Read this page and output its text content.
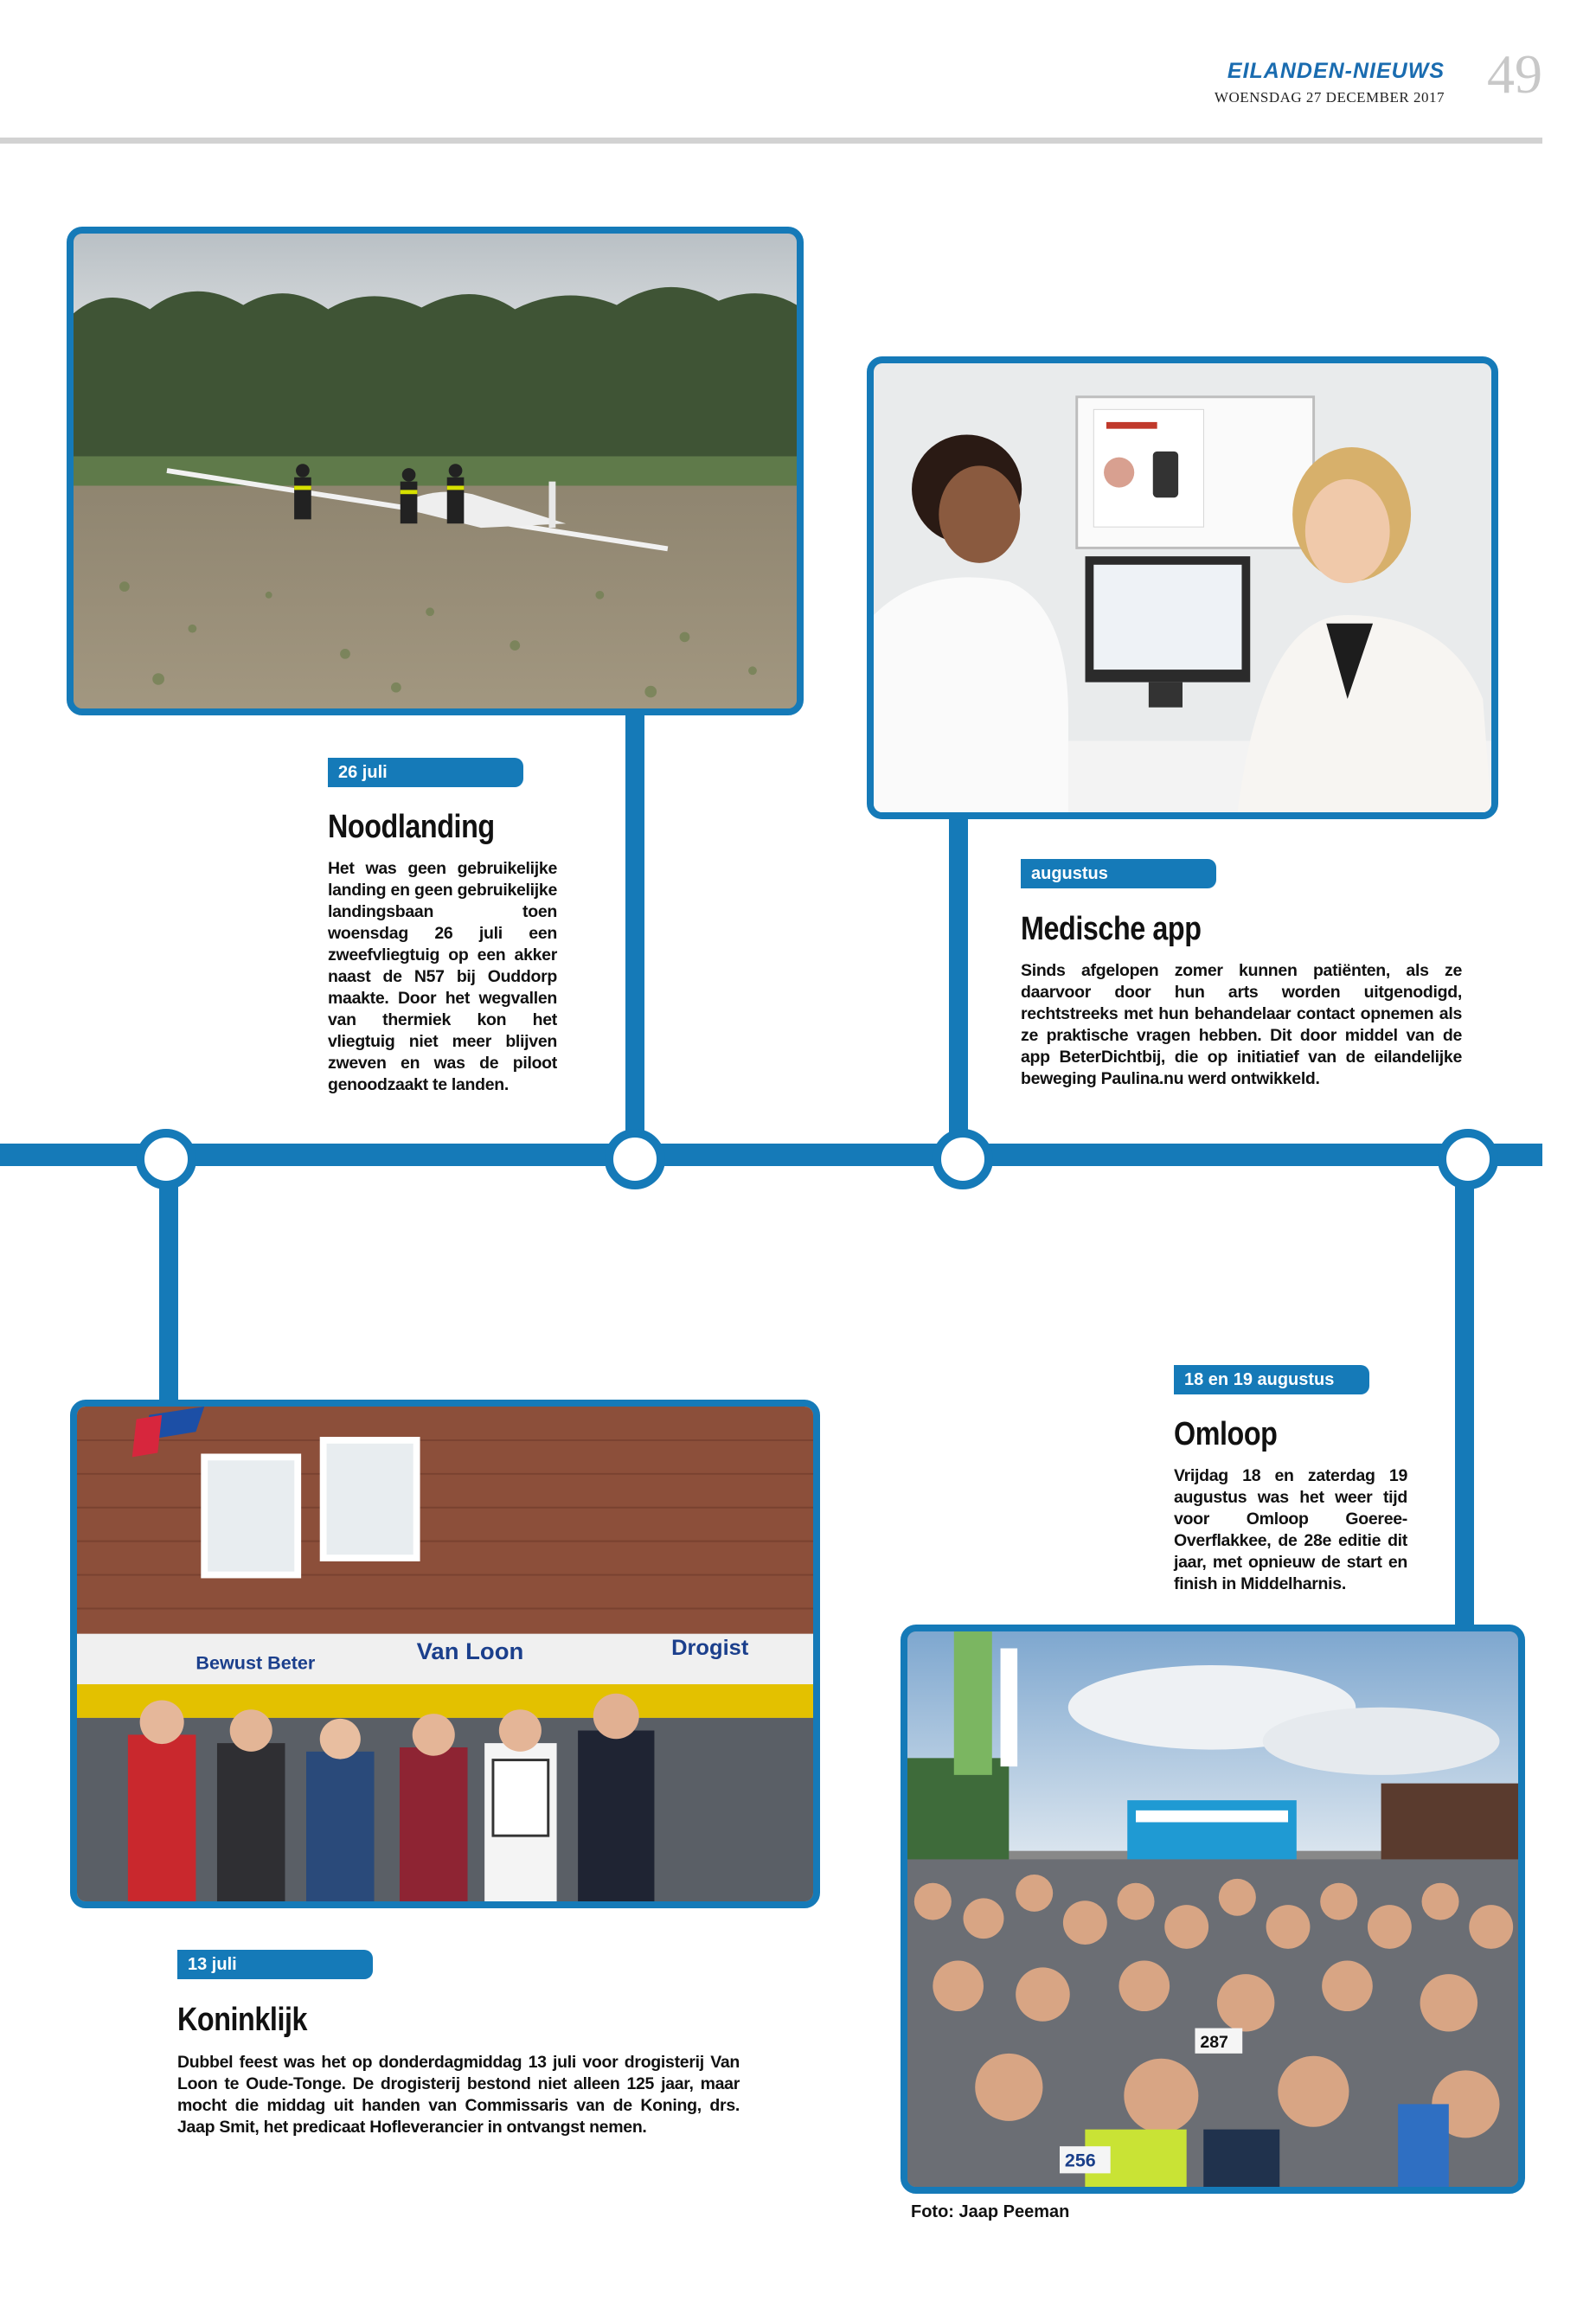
EILANDEN-NIEUWS
WOENSDAG 27 DECEMBER 2017 49
Bewust Beter	Van Loon	Drogist
287
256
26 juli
Noodlanding
Het was geen gebruikelijke landing en geen gebruikelijke landingsbaan toen woensdag 26 juli een zweefvliegtuig op een akker naast de N57 bij Ouddorp maakte. Door het wegvallen van thermiek kon het vliegtuig niet meer blijven zweven en was de piloot genoodzaakt te landen.
augustus
Medische app
Sinds afgelopen zomer kunnen patiënten, als ze daarvoor door hun arts worden uitgenodigd, rechtstreeks met hun behandelaar contact opnemen als ze praktische vragen hebben. Dit door middel van de app BeterDichtbij, die op initiatief van de eilandelijke beweging Paulina.nu werd ontwikkeld.
18 en 19 augustus
Omloop
Vrijdag 18 en zaterdag 19 augustus was het weer tijd voor Omloop Goeree-Overflakkee, de 28e editie dit jaar, met opnieuw de start en finish in Middelharnis.
13 juli
Koninklijk
Dubbel feest was het op donderdagmiddag 13 juli voor drogisterij Van Loon te Oude-Tonge. De drogisterij bestond niet alleen 125 jaar, maar mocht die middag uit handen van Commissaris van de Koning, drs. Jaap Smit, het predicaat Hofleverancier in ontvangst nemen.
Foto: Jaap Peeman
